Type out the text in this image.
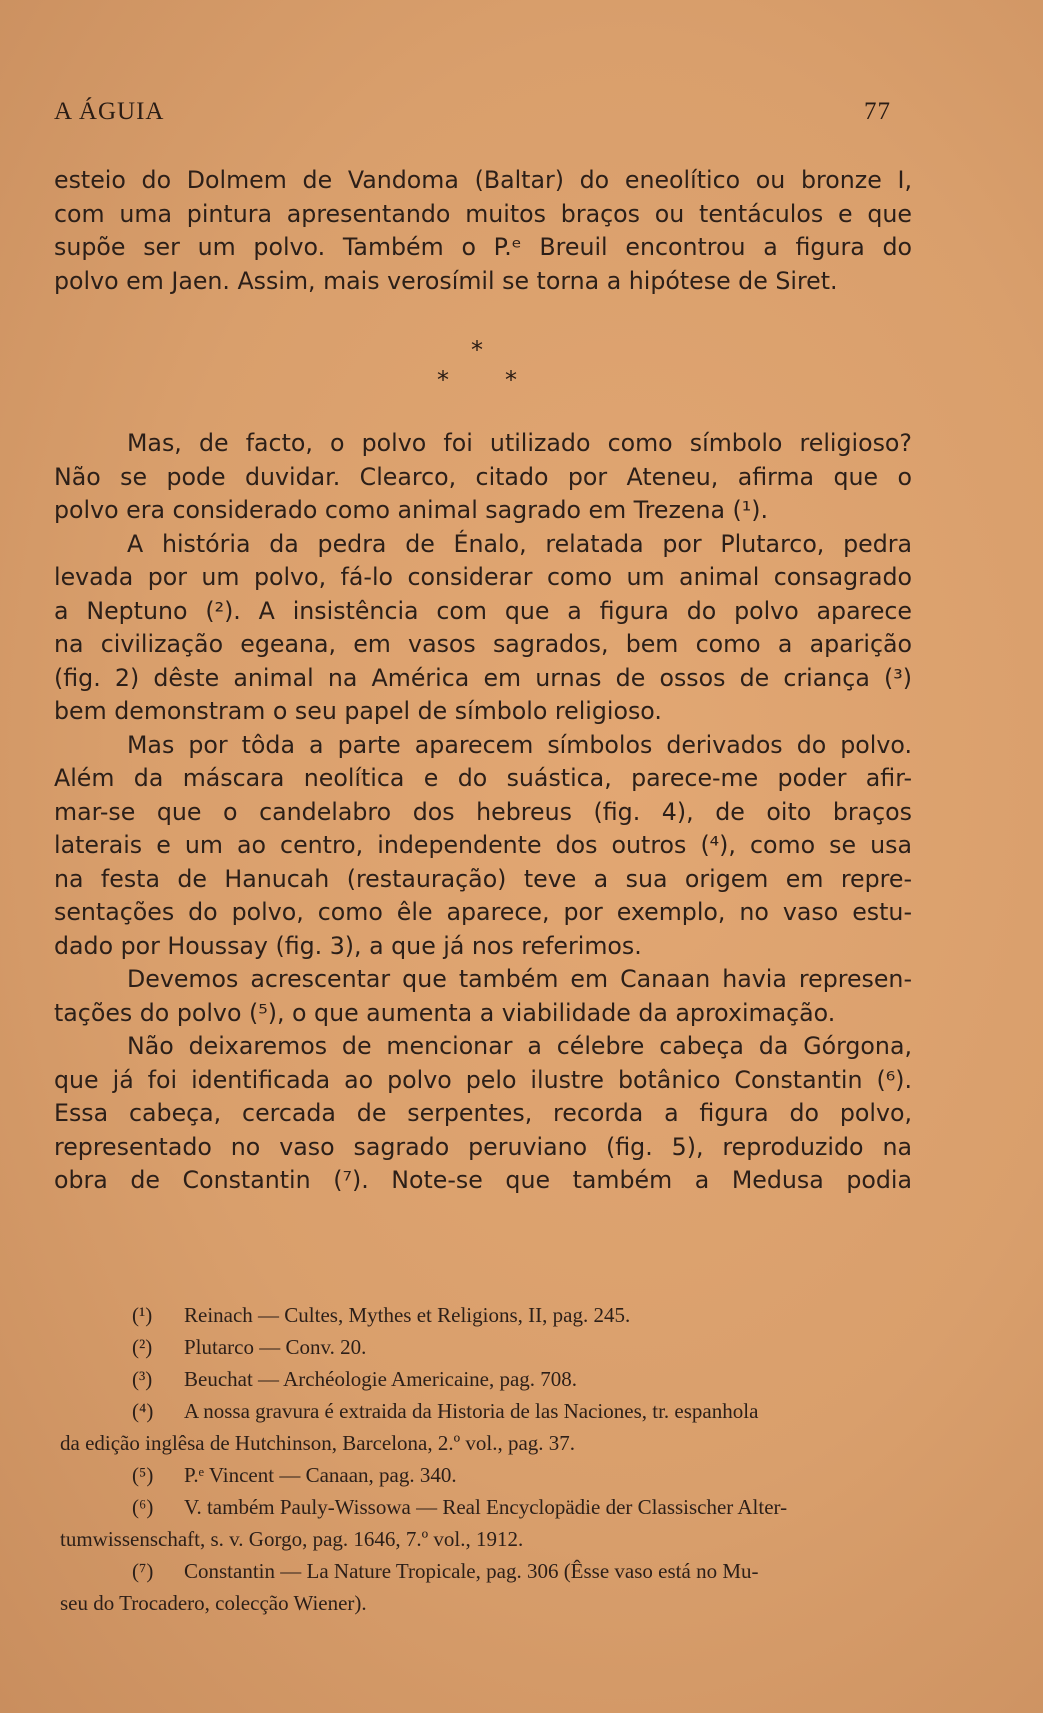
A ÁGUIA	77
esteio do Dolmem de Vandoma (Baltar) do eneolítico ou bronze I,
com uma pintura apresentando muitos braços ou tentáculos e que
supõe ser um polvo. Também o P.ᵉ Breuil encontrou a figura do
polvo em Jaen. Assim, mais verosímil se torna a hipótese de Siret.
*
* *
Mas, de facto, o polvo foi utilizado como símbolo religioso?
Não se pode duvidar. Clearco, citado por Ateneu, afirma que o
polvo era considerado como animal sagrado em Trezena (¹).
A história da pedra de Énalo, relatada por Plutarco, pedra
levada por um polvo, fá-lo considerar como um animal consagrado
a Neptuno (²). A insistência com que a figura do polvo aparece
na civilização egeana, em vasos sagrados, bem como a aparição
(fig. 2) dêste animal na América em urnas de ossos de criança (³)
bem demonstram o seu papel de símbolo religioso.
Mas por tôda a parte aparecem símbolos derivados do polvo.
Além da máscara neolítica e do suástica, parece-me poder afir-
mar-se que o candelabro dos hebreus (fig. 4), de oito braços
laterais e um ao centro, independente dos outros (⁴), como se usa
na festa de Hanucah (restauração) teve a sua origem em repre-
sentações do polvo, como êle aparece, por exemplo, no vaso estu-
dado por Houssay (fig. 3), a que já nos referimos.
Devemos acrescentar que também em Canaan havia represen-
tações do polvo (⁵), o que aumenta a viabilidade da aproximação.
Não deixaremos de mencionar a célebre cabeça da Górgona,
que já foi identificada ao polvo pelo ilustre botânico Constantin (⁶).
Essa cabeça, cercada de serpentes, recorda a figura do polvo,
representado no vaso sagrado peruviano (fig. 5), reproduzido na
obra de Constantin (⁷). Note-se que também a Medusa podia
(¹) Reinach — Cultes, Mythes et Religions, II, pag. 245.
(²) Plutarco — Conv. 20.
(³) Beuchat — Archéologie Americaine, pag. 708.
(⁴) A nossa gravura é extraida da Historia de las Naciones, tr. espanhola
da edição inglêsa de Hutchinson, Barcelona, 2.º vol., pag. 37.
(⁵) P.ᵉ Vincent — Canaan, pag. 340.
(⁶) V. também Pauly-Wissowa — Real Encyclopädie der Classischer Alter-
tumwissenschaft, s. v. Gorgo, pag. 1646, 7.º vol., 1912.
(⁷) Constantin — La Nature Tropicale, pag. 306 (Êsse vaso está no Mu-
seu do Trocadero, colecção Wiener).
